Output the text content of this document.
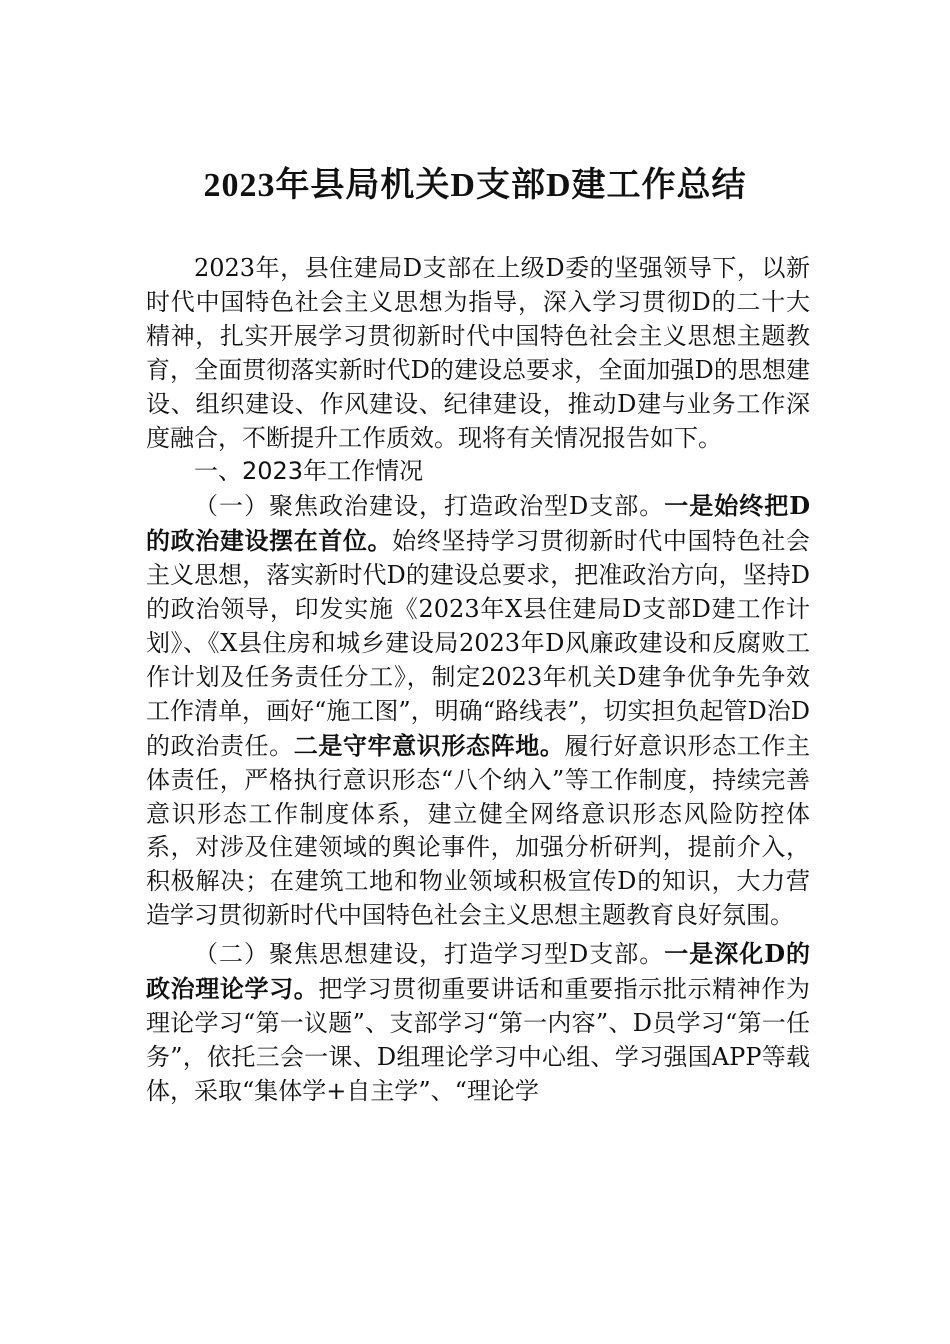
2023年县局机关D支部D建工作总结

2023年，县住建局D支部在上级D委的坚强领导下，以新时代中国特色社会主义思想为指导，深入学习贯彻D的二十大精神，扎实开展学习贯彻新时代中国特色社会主义思想主题教育，全面贯彻落实新时代D的建设总要求，全面加强D的思想建设、组织建设、作风建设、纪律建设，推动D建与业务工作深度融合，不断提升工作质效。现将有关情况报告如下。

一、2023年工作情况

（一）聚焦政治建设，打造政治型D支部。一是始终把D的政治建设摆在首位。始终坚持学习贯彻新时代中国特色社会主义思想，落实新时代D的建设总要求，把准政治方向，坚持D的政治领导，印发实施《2023年X县住建局D支部D建工作计划》、《X县住房和城乡建设局2023年D风廉政建设和反腐败工作计划及任务责任分工》，制定2023年机关D建争优争先争效工作清单，画好“施工图”，明确“路线表”，切实担负起管D治D的政治责任。二是守牢意识形态阵地。履行好意识形态工作主体责任，严格执行意识形态“八个纳入”等工作制度，持续完善意识形态工作制度体系，建立健全网络意识形态风险防控体系，对涉及住建领域的舆论事件，加强分析研判，提前介入，积极解决；在建筑工地和物业领域积极宣传D的知识，大力营造学习贯彻新时代中国特色社会主义思想主题教育良好氛围。

（二）聚焦思想建设，打造学习型D支部。一是深化D的政治理论学习。把学习贯彻重要讲话和重要指示批示精神作为理论学习“第一议题”、支部学习“第一内容”、D员学习“第一任务”，依托三会一课、D组理论学习中心组、学习强国APP等载体，采取“集体学+自主学”、“理论学
